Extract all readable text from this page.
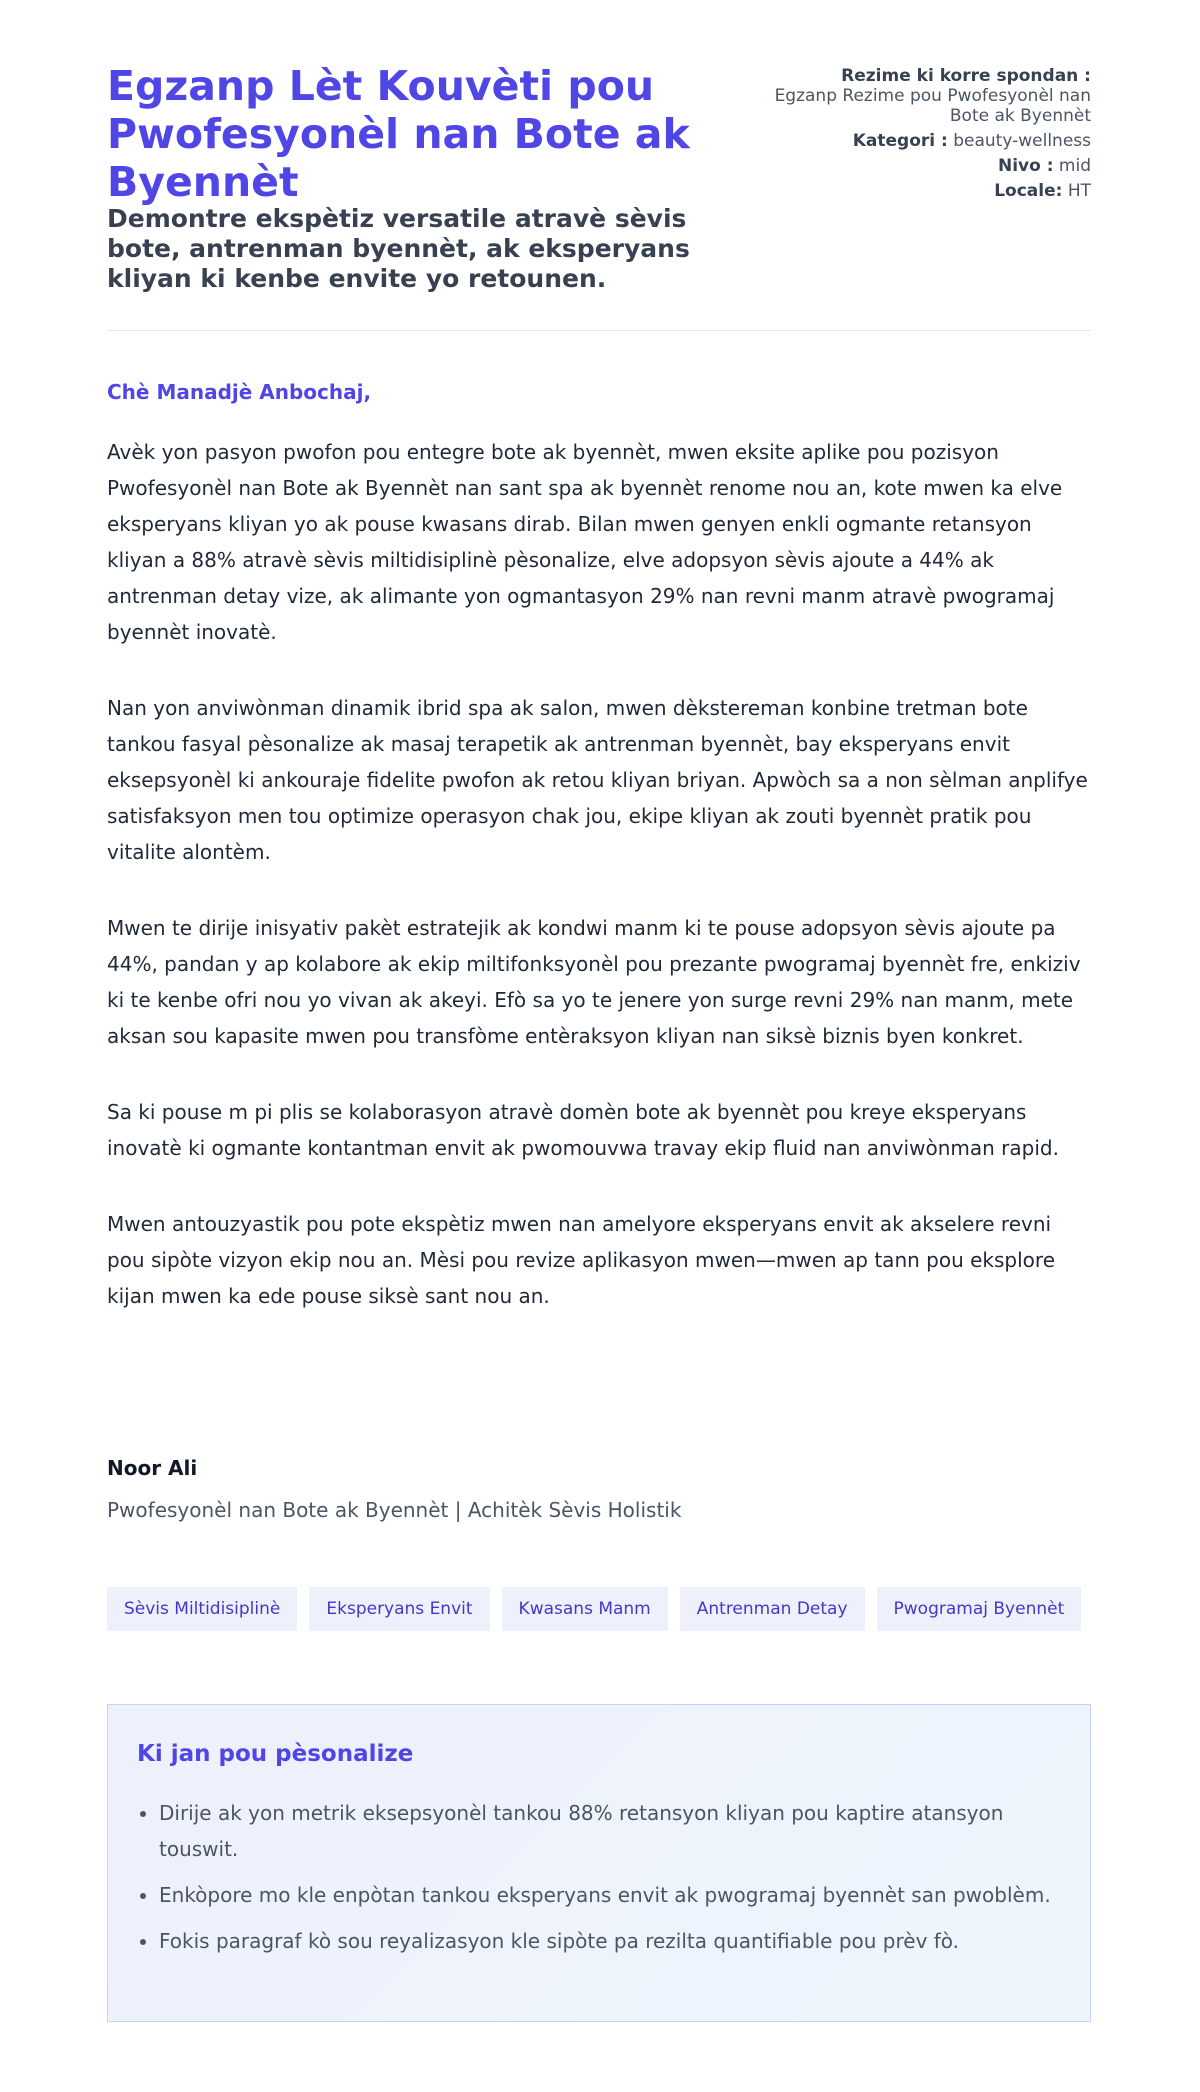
Egzanp Lèt Kouvèti pou Pwofesyonèl nan Bote ak Byennèt
Demontre ekspètiz versatile atravè sèvis bote, antrenman byennèt, ak eksperyans kliyan ki kenbe envite yo retounen.
Rezime ki korre spondan :
Egzanp Rezime pou Pwofesyonèl nan Bote ak Byennèt
Kategori : beauty-wellness
Nivo : mid
Locale: HT
Chè Manadjè Anbochaj,

Avèk yon pasyon pwofon pou entegre bote ak byennèt, mwen eksite aplike pou pozisyon Pwofesyonèl nan Bote ak Byennèt nan sant spa ak byennèt renome nou an, kote mwen ka elve eksperyans kliyan yo ak pouse kwasans dirab. Bilan mwen genyen enkli ogmante retansyon kliyan a 88% atravè sèvis miltidisiplinè pèsonalize, elve adopsyon sèvis ajoute a 44% ak antrenman detay vize, ak alimante yon ogmantasyon 29% nan revni manm atravè pwogramaj byennèt inovatè.

Nan yon anviwònman dinamik ibrid spa ak salon, mwen dèkstereman konbine tretman bote tankou fasyal pèsonalize ak masaj terapetik ak antrenman byennèt, bay eksperyans envit eksepsyonèl ki ankouraje fidelite pwofon ak retou kliyan briyan. Apwòch sa a non sèlman anplifye satisfaksyon men tou optimize operasyon chak jou, ekipe kliyan ak zouti byennèt pratik pou vitalite alontèm.

Mwen te dirije inisyativ pakèt estratejik ak kondwi manm ki te pouse adopsyon sèvis ajoute pa 44%, pandan y ap kolabore ak ekip miltifonksyonèl pou prezante pwogramaj byennèt fre, enkiziv ki te kenbe ofri nou yo vivan ak akeyi. Efò sa yo te jenere yon surge revni 29% nan manm, mete aksan sou kapasite mwen pou transfòme entèraksyon kliyan nan siksè biznis byen konkret.

Sa ki pouse m pi plis se kolaborasyon atravè domèn bote ak byennèt pou kreye eksperyans inovatè ki ogmante kontantman envit ak pwomouvwa travay ekip fluid nan anviwònman rapid.

Mwen antouzyastik pou pote ekspètiz mwen nan amelyore eksperyans envit ak akselere revni pou sipòte vizyon ekip nou an. Mèsi pou revize aplikasyon mwen—mwen ap tann pou eksplore kijan mwen ka ede pouse siksè sant nou an.

Noor Ali
Pwofesyonèl nan Bote ak Byennèt | Achitèk Sèvis Holistik
Sèvis Miltidisiplinè	Eksperyans Envit	Kwasans Manm	Antrenman Detay	Pwogramaj Byennèt
Ki jan pou pèsonalize
• Dirije ak yon metrik eksepsyonèl tankou 88% retansyon kliyan pou kaptire atansyon touswit.
• Enkòpore mo kle enpòtan tankou eksperyans envit ak pwogramaj byennèt san pwoblèm.
• Fokis paragraf kò sou reyalizasyon kle sipòte pa rezilta quantifiable pou prèv fò.
